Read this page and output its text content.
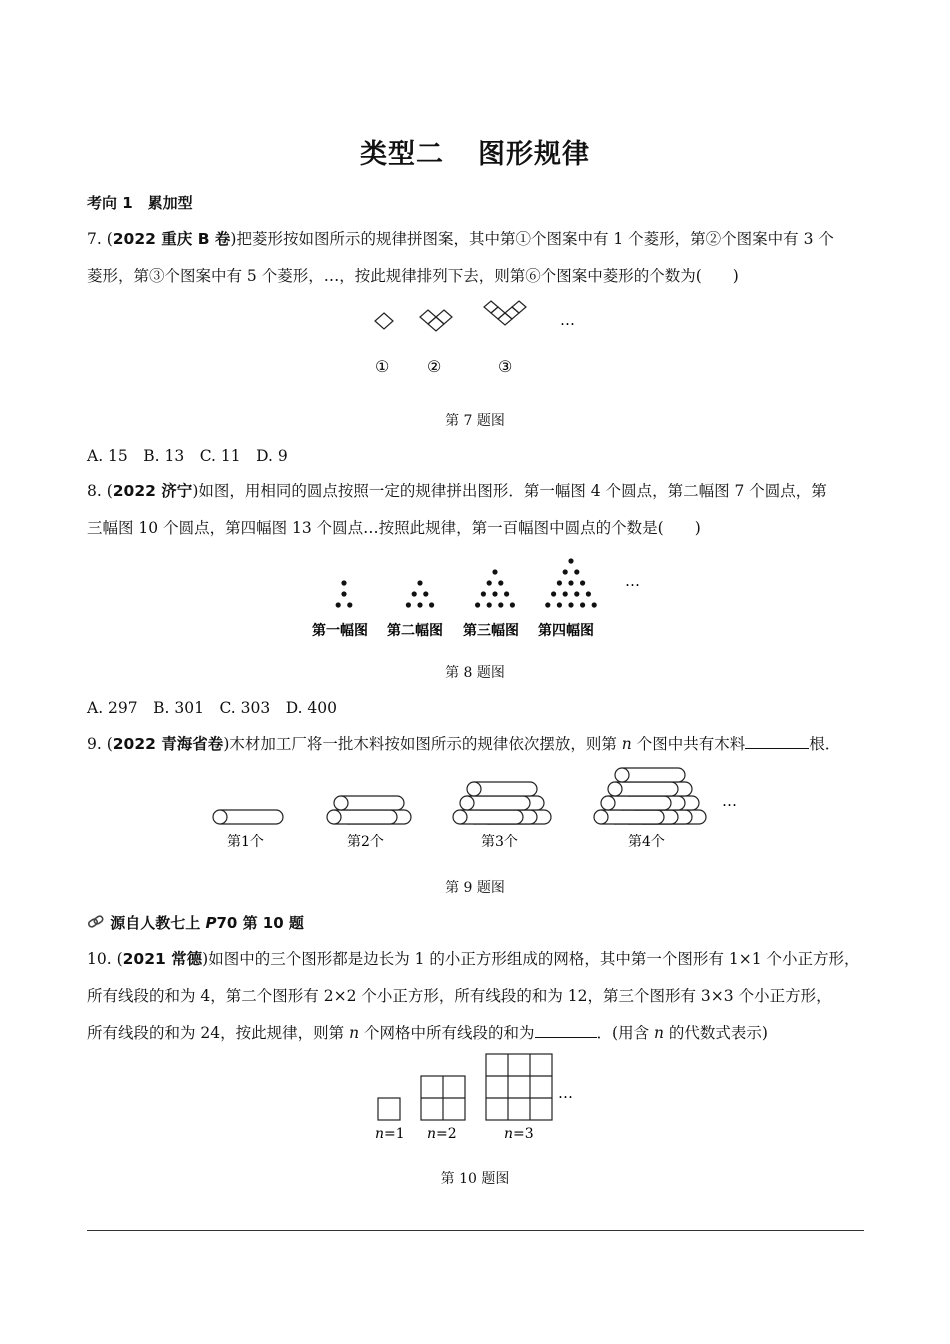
类型二 图形规律
考向 1　累加型
7. (2022 重庆 B 卷)把菱形按如图所示的规律拼图案，其中第①个图案中有 1 个菱形，第②个图案中有 3 个
菱形，第③个图案中有 5 个菱形，…，按此规律排列下去，则第⑥个图案中菱形的个数为(　　)
…
① ②	③
第 7 题图
A. 15　B. 13　C. 11　D. 9
8. (2022 济宁)如图，用相同的圆点按照一定的规律拼出图形．第一幅图 4 个圆点，第二幅图 7 个圆点，第
三幅图 10 个圆点，第四幅图 13 个圆点…按照此规律，第一百幅图中圆点的个数是(　　)
…
第一幅图 第二幅图 第三幅图 第四幅图
第 8 题图
A. 297　B. 301　C. 303　D. 400
9. (2022 青海省卷)木材加工厂将一批木料按如图所示的规律依次摆放，则第 n 个图中共有木料	根．
…
第1个	第2个	第3个	第4个
第 9 题图
源自人教七上 P70 第 10 题
10. (2021 常德)如图中的三个图形都是边长为 1 的小正方形组成的网格，其中第一个图形有 1×1 个小正方形，
所有线段的和为 4，第二个图形有 2×2 个小正方形，所有线段的和为 12，第三个图形有 3×3 个小正方形，
所有线段的和为 24，按此规律，则第 n 个网格中所有线段的和为	．(用含 n 的代数式表示)
…
n=1 n=2	n=3
第 10 题图
